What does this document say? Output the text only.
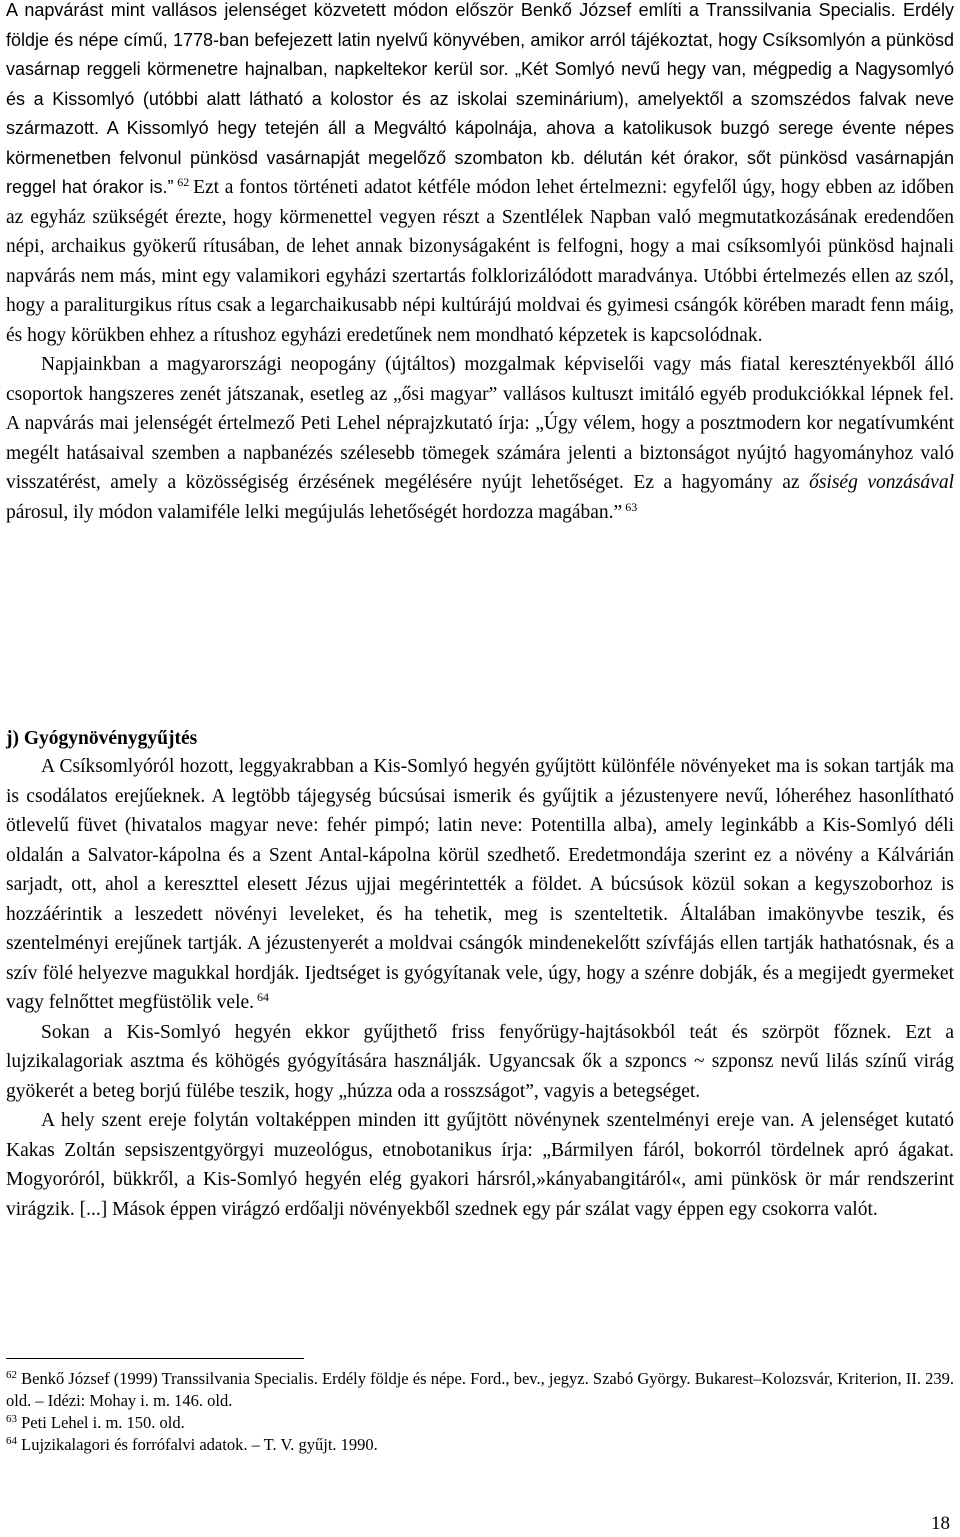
A napvárást mint vallásos jelenséget közvetett módon először Benkő József említi a Transsilvania Specialis. Erdély földje és népe című, 1778-ban befejezett latin nyelvű könyvében, amikor arról tájékoztat, hogy Csíksomlyón a pünkösd vasárnap reggeli körmenetre hajnalban, napkeltekor kerül sor. „Két Somlyó nevű hegy van, mégpedig a Nagysomlyó és a Kissomlyó (utóbbi alatt látható a kolostor és az iskolai szeminárium), amelyektől a szomszédos falvak neve származott. A Kissomlyó hegy tetején áll a Megváltó kápolnája, ahova a katolikusok buzgó serege évente népes körmenetben felvonul pünkösd vasárnapját megelőző szombaton kb. délután két órakor, sőt pünkösd vasárnapján reggel hat órakor is.” $^{62}$ Ezt a fontos történeti adatot kétféle módon lehet értelmezni: egyfelől úgy, hogy ebben az időben az egyház szükségét érezte, hogy körmenettel vegyen részt a Szentlélek Napban való megmutatkozásának eredendően népi, archaikus gyökerű rítusában, de lehet annak bizonyságaként is felfogni, hogy a mai csíksomlyói pünkösd hajnali napvárás nem más, mint egy valamikori egyházi szertartás folklorizálódott maradványa. Utóbbi értelmezés ellen az szól, hogy a paraliturgikus rítus csak a legarchaikusabb népi kultúrájú moldvai és gyimesi csángók körében maradt fenn máig, és hogy körükben ehhez a rítushoz egyházi eredetűnek nem mondható képzetek is kapcsolódnak.

Napjainkban a magyarországi neopogány (újtáltos) mozgalmak képviselői vagy más fiatal keresztényekből álló csoportok hangszeres zenét játszanak, esetleg az „ősi magyar” vallásos kultuszt imitáló egyéb produkciókkal lépnek fel. A napvárás mai jelenségét értelmező Peti Lehel néprajzkutató írja: „Úgy vélem, hogy a posztmodern kor negatívumként megélt hatásaival szemben a napbanézés szélesebb tömegek számára jelenti a biztonságot nyújtó hagyományhoz való visszatérést, amely a közösségiség érzésének megélésére nyújt lehetőséget. Ez a hagyomány az ősiség vonzásával párosul, ily módon valamiféle lelki megújulás lehetőségét hordozza magában.” $^{63}$

j) Gyógynövénygyűjtés

A Csíksomlyóról hozott, leggyakrabban a Kis-Somlyó hegyén gyűjtött különféle növényeket ma is sokan tartják ma is csodálatos erejűeknek. A legtöbb tájegység búcsúsai ismerik és gyűjtik a jézustenyere nevű, lóheréhez hasonlítható ötlevelű füvet (hivatalos magyar neve: fehér pimpó; latin neve: Potentilla alba), amely leginkább a Kis-Somlyó déli oldalán a Salvator-kápolna és a Szent Antal-kápolna körül szedhető. Eredetmondája szerint ez a növény a Kálvárián sarjadt, ott, ahol a kereszttel elesett Jézus ujjai megérintették a földet. A búcsúsok közül sokan a kegyszoborhoz is hozzáérintik a leszedett növényi leveleket, és ha tehetik, meg is szenteltetik. Általában imakönyvbe teszik, és szentelményi erejűnek tartják. A jézustenyerét a moldvai csángók mindenekelőtt szívfájás ellen tartják hathatósnak, és a szív fölé helyezve magukkal hordják. Ijedtséget is gyógyítanak vele, úgy, hogy a szénre dobják, és a megijedt gyermeket vagy felnőttet megfüstölik vele. $^{64}$

Sokan a Kis-Somlyó hegyén ekkor gyűjthető friss fenyőrügy-hajtásokból teát és szörpöt főznek. Ezt a lujzikalagoriak asztma és köhögés gyógyítására használják. Ugyancsak ők a szponcs ~ szponsz nevű lilás színű virág gyökerét a beteg borjú fülébe teszik, hogy „húzza oda a rosszságot”, vagyis a betegséget.

A hely szent ereje folytán voltaképpen minden itt gyűjtött növénynek szentelményi ereje van. A jelenséget kutató Kakas Zoltán sepsiszentgyörgyi muzeológus, etnobotanikus írja: „Bármilyen fáról, bokorról tördelnek apró ágakat. Mogyoróról, bükkről, a Kis-Somlyó hegyén elég gyakori hársról,»kányabangitáról«, ami pünkösk ör már rendszerint virágzik. [...] Mások éppen virágzó erdőalji növényekből szednek egy pár szálat vagy éppen egy csokorra valót.

$^{62}$ Benkő József (1999) Transsilvania Specialis. Erdély földje és népe. Ford., bev., jegyz. Szabó György. Bukarest–Kolozsvár, Kriterion, II. 239. old. – Idézi: Mohay i. m. 146. old.

$^{63}$ Peti Lehel i. m. 150. old.

$^{64}$ Lujzikalagori és forrófalvi adatok. – T. V. gyűjt. 1990.

18
